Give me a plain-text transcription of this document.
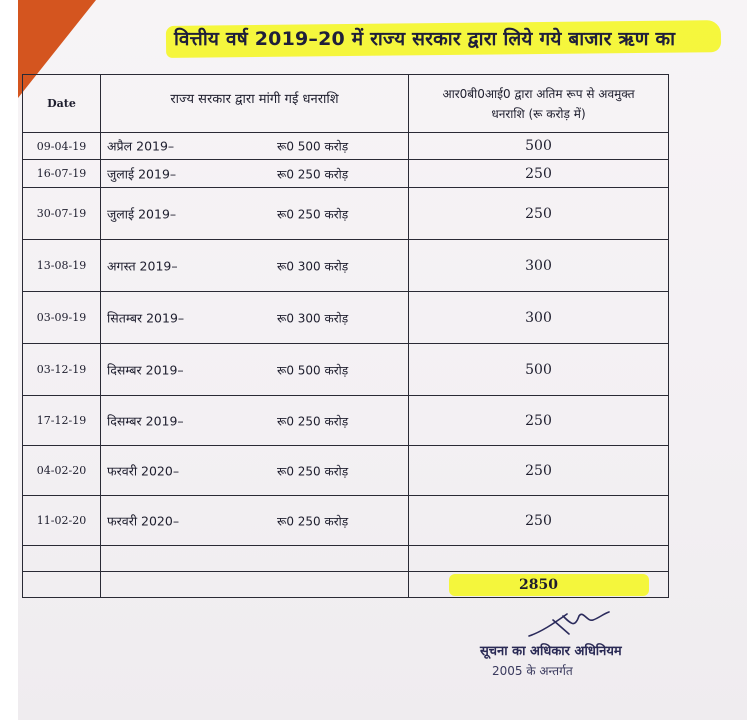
वित्तीय वर्ष 2019–20 में राज्य सरकार द्वारा लिये गये बाजार ऋण का
Date	राज्य सरकार द्वारा मांगी गई धनराशि	आर0बी0आई0 द्वारा अतिम रूप से अवमुक्त
धनराशि (रू करोड़ में)

09-04-19	अप्रैल 2019– रू0 500 करोड़	500
16-07-19	जुलाई 2019– रू0 250 करोड़	250
30-07-19	जुलाई 2019– रू0 250 करोड़	250
13-08-19	अगस्त 2019– रू0 300 करोड़	300
03-09-19	सितम्बर 2019– रू0 300 करोड़	300
03-12-19	दिसम्बर 2019– रू0 500 करोड़	500
17-12-19	दिसम्बर 2019– रू0 250 करोड़	250
04-02-20	फरवरी 2020– रू0 250 करोड़	250
11-02-20	फरवरी 2020– रू0 250 करोड़	250

		2850
सूचना का अधिकार अधिनियम
2005 के अन्तर्गत
